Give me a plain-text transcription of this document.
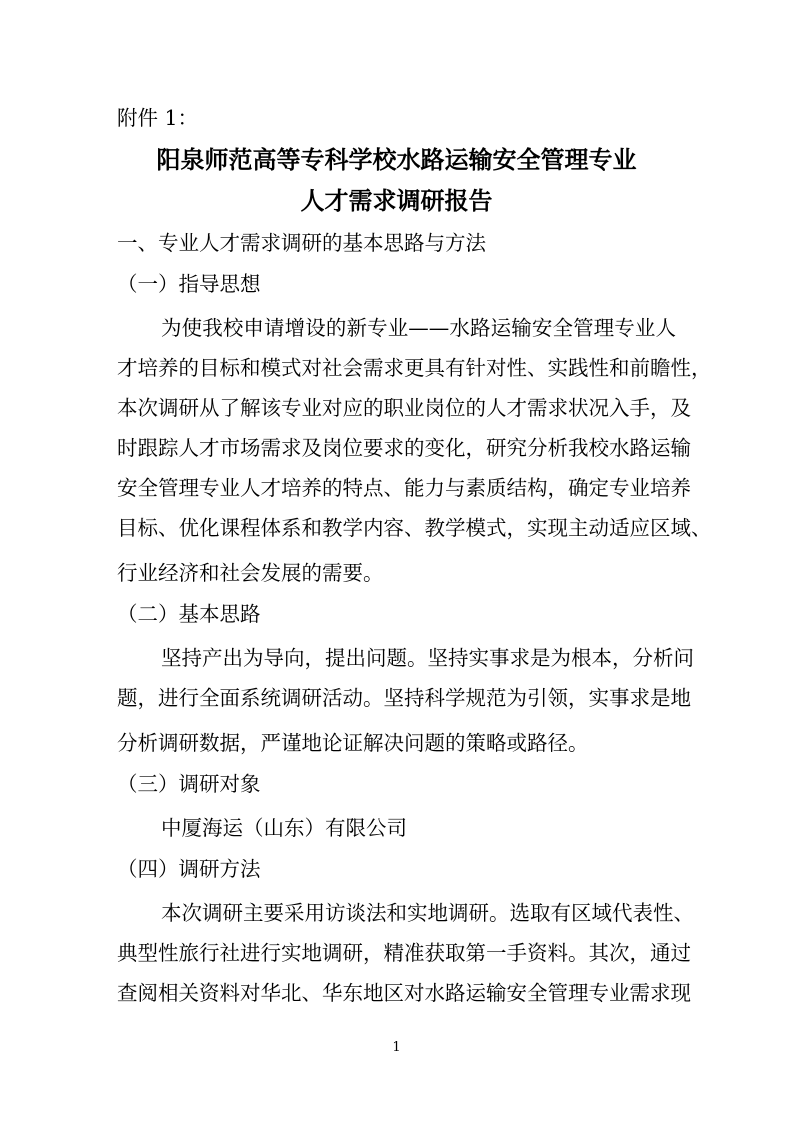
附件 1：
阳泉师范高等专科学校水路运输安全管理专业
人才需求调研报告
一、专业人才需求调研的基本思路与方法
（一）指导思想
为使我校申请增设的新专业——水路运输安全管理专业人
才培养的目标和模式对社会需求更具有针对性、实践性和前瞻性，
本次调研从了解该专业对应的职业岗位的人才需求状况入手，及
时跟踪人才市场需求及岗位要求的变化，研究分析我校水路运输
安全管理专业人才培养的特点、能力与素质结构，确定专业培养
目标、优化课程体系和教学内容、教学模式，实现主动适应区域、
行业经济和社会发展的需要。
（二）基本思路
坚持产出为导向，提出问题。坚持实事求是为根本，分析问
题，进行全面系统调研活动。坚持科学规范为引领，实事求是地
分析调研数据，严谨地论证解决问题的策略或路径。
（三）调研对象
中厦海运（山东）有限公司
（四）调研方法
本次调研主要采用访谈法和实地调研。选取有区域代表性、
典型性旅行社进行实地调研，精准获取第一手资料。其次，通过
查阅相关资料对华北、华东地区对水路运输安全管理专业需求现
1
